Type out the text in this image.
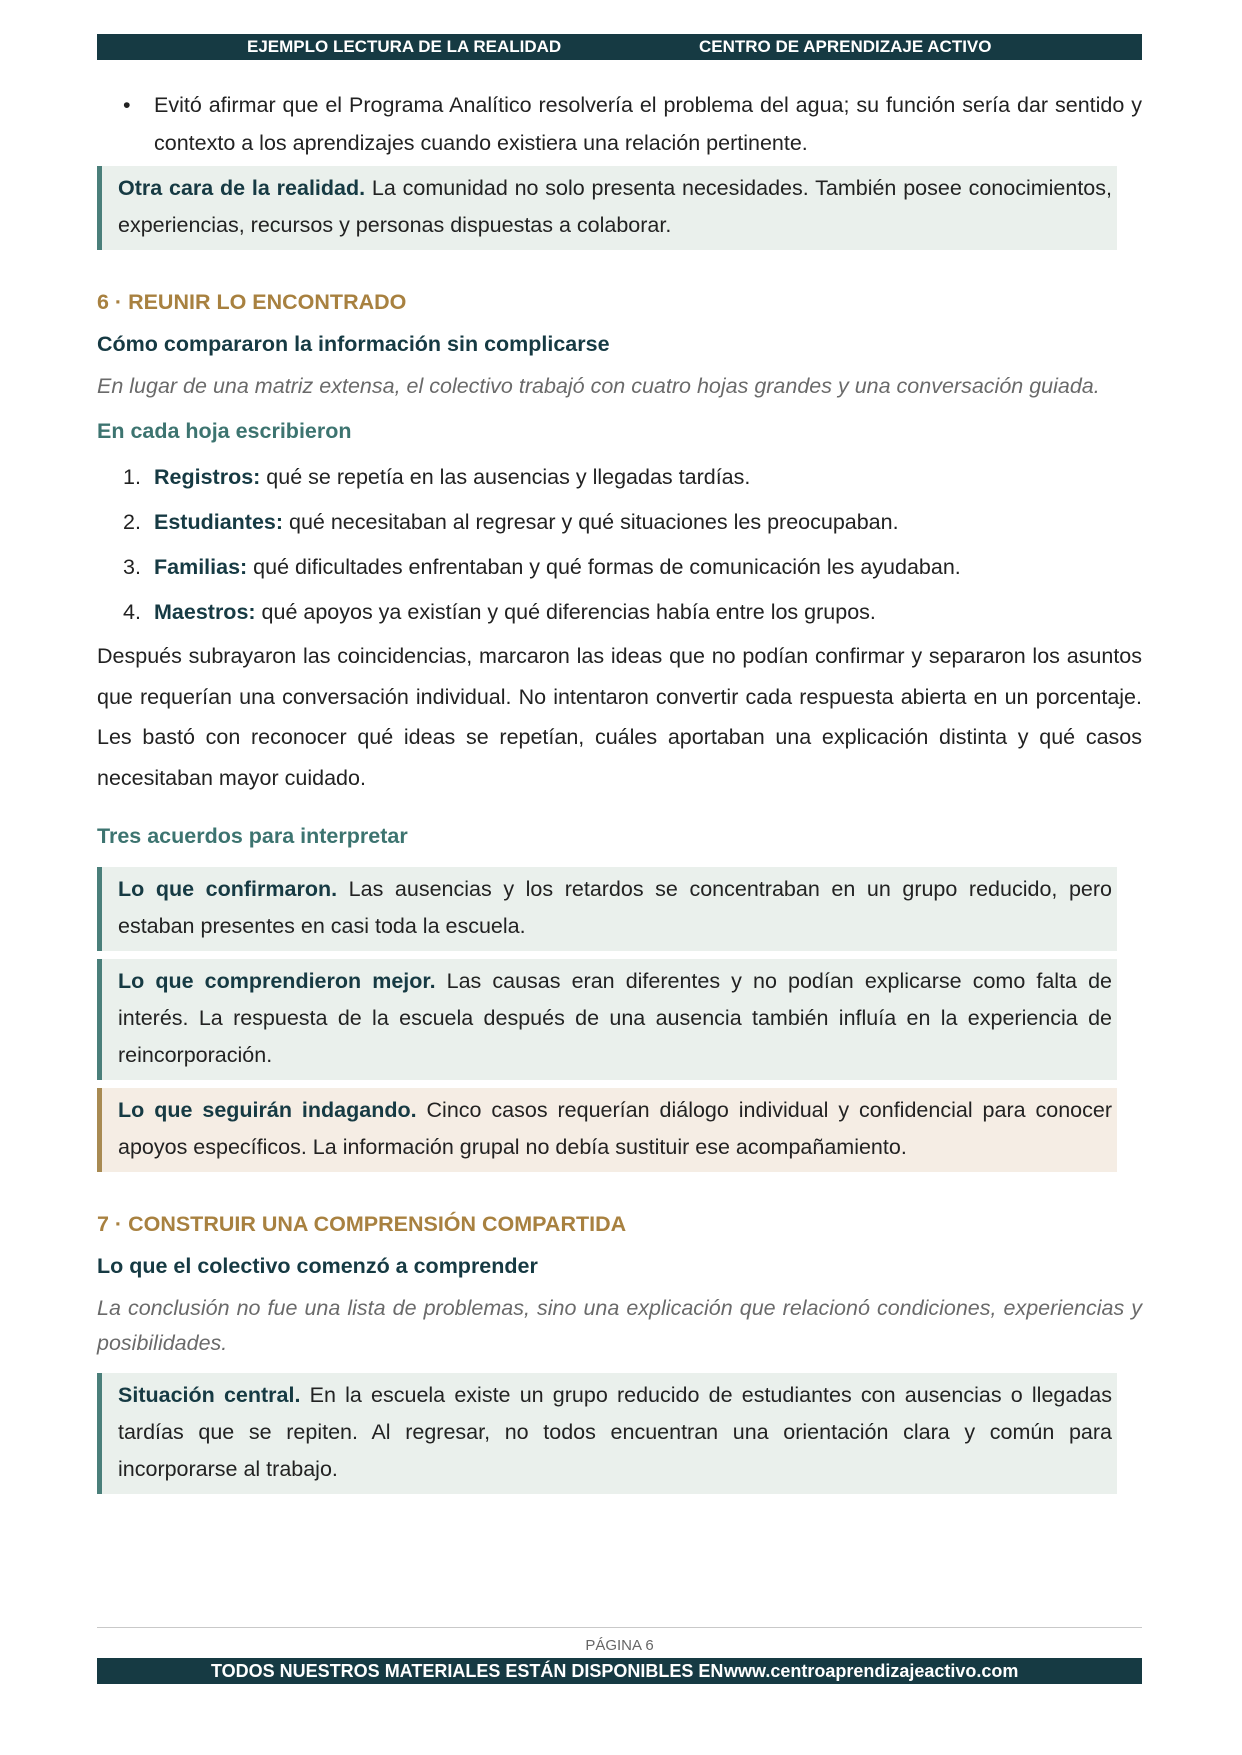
EJEMPLO LECTURA DE LA REALIDAD	CENTRO DE APRENDIZAJE ACTIVO
• Evitó afirmar que el Programa Analítico resolvería el problema del agua; su función sería dar sentido y contexto a los aprendizajes cuando existiera una relación pertinente.
Otra cara de la realidad. La comunidad no solo presenta necesidades. También posee conocimientos, experiencias, recursos y personas dispuestas a colaborar.
6 · REUNIR LO ENCONTRADO
Cómo compararon la información sin complicarse
En lugar de una matriz extensa, el colectivo trabajó con cuatro hojas grandes y una conversación guiada.
En cada hoja escribieron
1. Registros: qué se repetía en las ausencias y llegadas tardías.
2. Estudiantes: qué necesitaban al regresar y qué situaciones les preocupaban.
3. Familias: qué dificultades enfrentaban y qué formas de comunicación les ayudaban.
4. Maestros: qué apoyos ya existían y qué diferencias había entre los grupos.
Después subrayaron las coincidencias, marcaron las ideas que no podían confirmar y separaron los asuntos que requerían una conversación individual. No intentaron convertir cada respuesta abierta en un porcentaje. Les bastó con reconocer qué ideas se repetían, cuáles aportaban una explicación distinta y qué casos necesitaban mayor cuidado.
Tres acuerdos para interpretar
Lo que confirmaron. Las ausencias y los retardos se concentraban en un grupo reducido, pero estaban presentes en casi toda la escuela.
Lo que comprendieron mejor. Las causas eran diferentes y no podían explicarse como falta de interés. La respuesta de la escuela después de una ausencia también influía en la experiencia de reincorporación.
Lo que seguirán indagando. Cinco casos requerían diálogo individual y confidencial para conocer apoyos específicos. La información grupal no debía sustituir ese acompañamiento.
7 · CONSTRUIR UNA COMPRENSIÓN COMPARTIDA
Lo que el colectivo comenzó a comprender
La conclusión no fue una lista de problemas, sino una explicación que relacionó condiciones, experiencias y posibilidades.
Situación central. En la escuela existe un grupo reducido de estudiantes con ausencias o llegadas tardías que se repiten. Al regresar, no todos encuentran una orientación clara y común para incorporarse al trabajo.
PÁGINA 6
TODOS NUESTROS MATERIALES ESTÁN DISPONIBLES EN www.centroaprendizajeactivo.com
